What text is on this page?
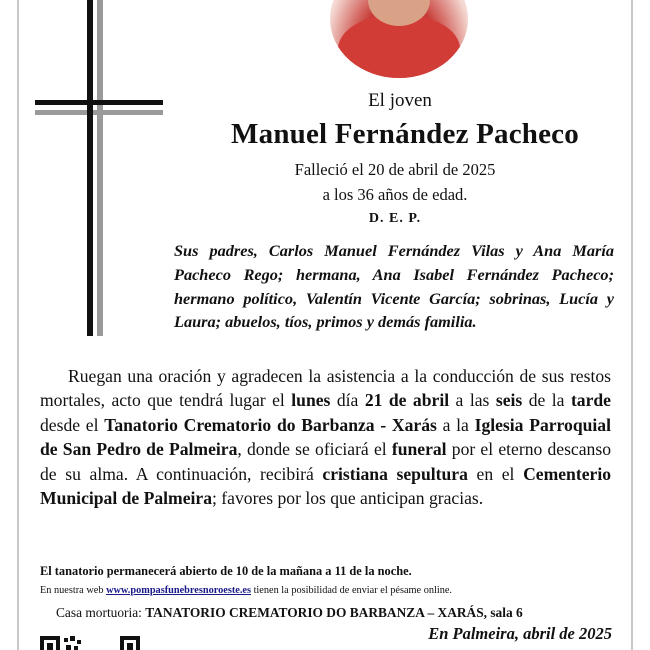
El joven
Manuel Fernández Pacheco
Falleció el 20 de abril de 2025
a los 36 años de edad.
D. E. P.
Sus padres, Carlos Manuel Fernández Vilas y Ana María Pacheco Rego; hermana, Ana Isabel Fernández Pacheco; hermano político, Valentín Vicente García; sobrinas, Lucía y Laura; abuelos, tíos, primos y demás familia.
Ruegan una oración y agradecen la asistencia a la conducción de sus restos mortales, acto que tendrá lugar el lunes día 21 de abril a las seis de la tarde desde el Tanatorio Crematorio do Barbanza - Xarás a la Iglesia Parroquial de San Pedro de Palmeira, donde se oficiará el funeral por el eterno descanso de su alma. A continuación, recibirá cristiana sepultura en el Cementerio Municipal de Palmeira; favores por los que anticipan gracias.
El tanatorio permanecerá abierto de 10 de la mañana a 11 de la noche.
En nuestra web www.pompasfunebresnoroeste.es tienen la posibilidad de enviar el pésame online.
Casa mortuoria: TANATORIO CREMATORIO DO BARBANZA – XARÁS, sala 6
En Palmeira, abril de 2025
